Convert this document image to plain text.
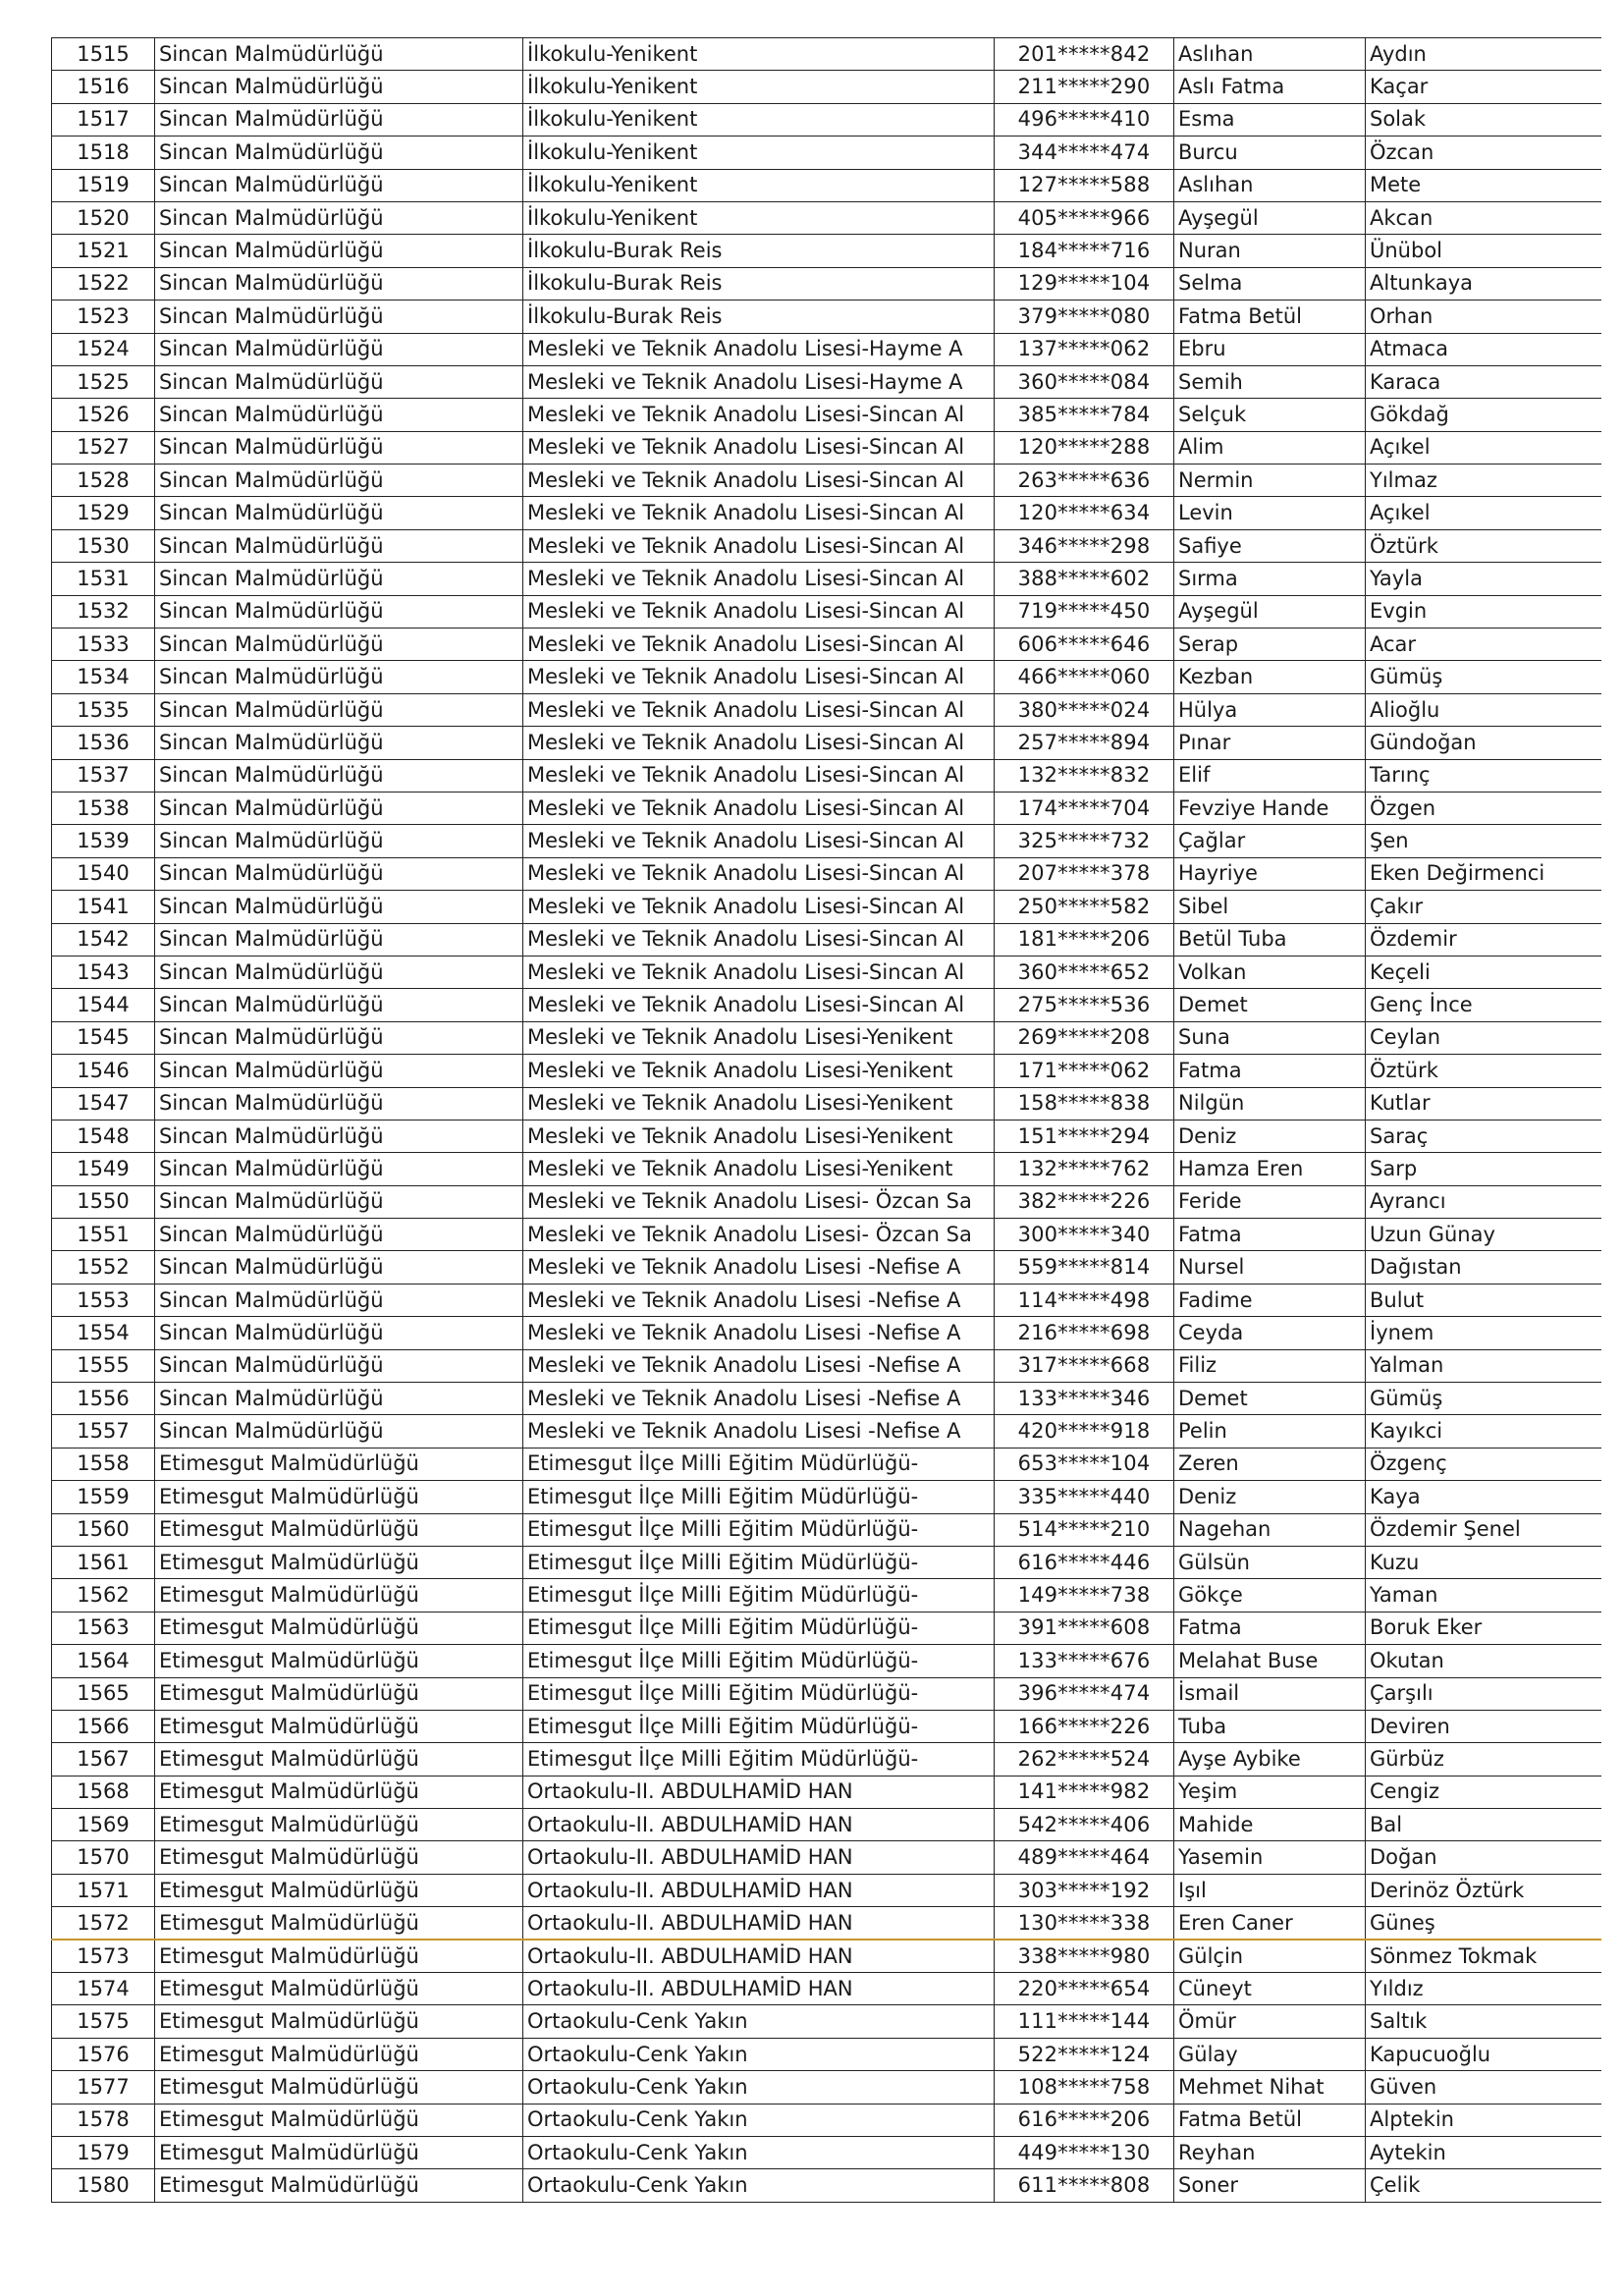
1515	Sincan Malmüdürlüğü	İlkokulu-Yenikent	201*****842	Aslıhan	Aydın
1516	Sincan Malmüdürlüğü	İlkokulu-Yenikent	211*****290	Aslı Fatma	Kaçar
1517	Sincan Malmüdürlüğü	İlkokulu-Yenikent	496*****410	Esma	Solak
1518	Sincan Malmüdürlüğü	İlkokulu-Yenikent	344*****474	Burcu	Özcan
1519	Sincan Malmüdürlüğü	İlkokulu-Yenikent	127*****588	Aslıhan	Mete
1520	Sincan Malmüdürlüğü	İlkokulu-Yenikent	405*****966	Ayşegül	Akcan
1521	Sincan Malmüdürlüğü	İlkokulu-Burak Reis	184*****716	Nuran	Ünübol
1522	Sincan Malmüdürlüğü	İlkokulu-Burak Reis	129*****104	Selma	Altunkaya
1523	Sincan Malmüdürlüğü	İlkokulu-Burak Reis	379*****080	Fatma Betül	Orhan
1524	Sincan Malmüdürlüğü	Mesleki ve Teknik Anadolu Lisesi-Hayme A	137*****062	Ebru	Atmaca
1525	Sincan Malmüdürlüğü	Mesleki ve Teknik Anadolu Lisesi-Hayme A	360*****084	Semih	Karaca
1526	Sincan Malmüdürlüğü	Mesleki ve Teknik Anadolu Lisesi-Sincan Al	385*****784	Selçuk	Gökdağ
1527	Sincan Malmüdürlüğü	Mesleki ve Teknik Anadolu Lisesi-Sincan Al	120*****288	Alim	Açıkel
1528	Sincan Malmüdürlüğü	Mesleki ve Teknik Anadolu Lisesi-Sincan Al	263*****636	Nermin	Yılmaz
1529	Sincan Malmüdürlüğü	Mesleki ve Teknik Anadolu Lisesi-Sincan Al	120*****634	Levin	Açıkel
1530	Sincan Malmüdürlüğü	Mesleki ve Teknik Anadolu Lisesi-Sincan Al	346*****298	Safiye	Öztürk
1531	Sincan Malmüdürlüğü	Mesleki ve Teknik Anadolu Lisesi-Sincan Al	388*****602	Sırma	Yayla
1532	Sincan Malmüdürlüğü	Mesleki ve Teknik Anadolu Lisesi-Sincan Al	719*****450	Ayşegül	Evgin
1533	Sincan Malmüdürlüğü	Mesleki ve Teknik Anadolu Lisesi-Sincan Al	606*****646	Serap	Acar
1534	Sincan Malmüdürlüğü	Mesleki ve Teknik Anadolu Lisesi-Sincan Al	466*****060	Kezban	Gümüş
1535	Sincan Malmüdürlüğü	Mesleki ve Teknik Anadolu Lisesi-Sincan Al	380*****024	Hülya	Alioğlu
1536	Sincan Malmüdürlüğü	Mesleki ve Teknik Anadolu Lisesi-Sincan Al	257*****894	Pınar	Gündoğan
1537	Sincan Malmüdürlüğü	Mesleki ve Teknik Anadolu Lisesi-Sincan Al	132*****832	Elif	Tarınç
1538	Sincan Malmüdürlüğü	Mesleki ve Teknik Anadolu Lisesi-Sincan Al	174*****704	Fevziye Hande	Özgen
1539	Sincan Malmüdürlüğü	Mesleki ve Teknik Anadolu Lisesi-Sincan Al	325*****732	Çağlar	Şen
1540	Sincan Malmüdürlüğü	Mesleki ve Teknik Anadolu Lisesi-Sincan Al	207*****378	Hayriye	Eken Değirmenci
1541	Sincan Malmüdürlüğü	Mesleki ve Teknik Anadolu Lisesi-Sincan Al	250*****582	Sibel	Çakır
1542	Sincan Malmüdürlüğü	Mesleki ve Teknik Anadolu Lisesi-Sincan Al	181*****206	Betül Tuba	Özdemir
1543	Sincan Malmüdürlüğü	Mesleki ve Teknik Anadolu Lisesi-Sincan Al	360*****652	Volkan	Keçeli
1544	Sincan Malmüdürlüğü	Mesleki ve Teknik Anadolu Lisesi-Sincan Al	275*****536	Demet	Genç İnce
1545	Sincan Malmüdürlüğü	Mesleki ve Teknik Anadolu Lisesi-Yenikent	269*****208	Suna	Ceylan
1546	Sincan Malmüdürlüğü	Mesleki ve Teknik Anadolu Lisesi-Yenikent	171*****062	Fatma	Öztürk
1547	Sincan Malmüdürlüğü	Mesleki ve Teknik Anadolu Lisesi-Yenikent	158*****838	Nilgün	Kutlar
1548	Sincan Malmüdürlüğü	Mesleki ve Teknik Anadolu Lisesi-Yenikent	151*****294	Deniz	Saraç
1549	Sincan Malmüdürlüğü	Mesleki ve Teknik Anadolu Lisesi-Yenikent	132*****762	Hamza Eren	Sarp
1550	Sincan Malmüdürlüğü	Mesleki ve Teknik Anadolu Lisesi- Özcan Sa	382*****226	Feride	Ayrancı
1551	Sincan Malmüdürlüğü	Mesleki ve Teknik Anadolu Lisesi- Özcan Sa	300*****340	Fatma	Uzun Günay
1552	Sincan Malmüdürlüğü	Mesleki ve Teknik Anadolu Lisesi -Nefise A	559*****814	Nursel	Dağıstan
1553	Sincan Malmüdürlüğü	Mesleki ve Teknik Anadolu Lisesi -Nefise A	114*****498	Fadime	Bulut
1554	Sincan Malmüdürlüğü	Mesleki ve Teknik Anadolu Lisesi -Nefise A	216*****698	Ceyda	İynem
1555	Sincan Malmüdürlüğü	Mesleki ve Teknik Anadolu Lisesi -Nefise A	317*****668	Filiz	Yalman
1556	Sincan Malmüdürlüğü	Mesleki ve Teknik Anadolu Lisesi -Nefise A	133*****346	Demet	Gümüş
1557	Sincan Malmüdürlüğü	Mesleki ve Teknik Anadolu Lisesi -Nefise A	420*****918	Pelin	Kayıkci
1558	Etimesgut Malmüdürlüğü	Etimesgut İlçe Milli Eğitim Müdürlüğü-	653*****104	Zeren	Özgenç
1559	Etimesgut Malmüdürlüğü	Etimesgut İlçe Milli Eğitim Müdürlüğü-	335*****440	Deniz	Kaya
1560	Etimesgut Malmüdürlüğü	Etimesgut İlçe Milli Eğitim Müdürlüğü-	514*****210	Nagehan	Özdemir Şenel
1561	Etimesgut Malmüdürlüğü	Etimesgut İlçe Milli Eğitim Müdürlüğü-	616*****446	Gülsün	Kuzu
1562	Etimesgut Malmüdürlüğü	Etimesgut İlçe Milli Eğitim Müdürlüğü-	149*****738	Gökçe	Yaman
1563	Etimesgut Malmüdürlüğü	Etimesgut İlçe Milli Eğitim Müdürlüğü-	391*****608	Fatma	Boruk Eker
1564	Etimesgut Malmüdürlüğü	Etimesgut İlçe Milli Eğitim Müdürlüğü-	133*****676	Melahat Buse	Okutan
1565	Etimesgut Malmüdürlüğü	Etimesgut İlçe Milli Eğitim Müdürlüğü-	396*****474	İsmail	Çarşılı
1566	Etimesgut Malmüdürlüğü	Etimesgut İlçe Milli Eğitim Müdürlüğü-	166*****226	Tuba	Deviren
1567	Etimesgut Malmüdürlüğü	Etimesgut İlçe Milli Eğitim Müdürlüğü-	262*****524	Ayşe Aybike	Gürbüz
1568	Etimesgut Malmüdürlüğü	Ortaokulu-II. ABDULHAMİD HAN	141*****982	Yeşim	Cengiz
1569	Etimesgut Malmüdürlüğü	Ortaokulu-II. ABDULHAMİD HAN	542*****406	Mahide	Bal
1570	Etimesgut Malmüdürlüğü	Ortaokulu-II. ABDULHAMİD HAN	489*****464	Yasemin	Doğan
1571	Etimesgut Malmüdürlüğü	Ortaokulu-II. ABDULHAMİD HAN	303*****192	Işıl	Derinöz Öztürk
1572	Etimesgut Malmüdürlüğü	Ortaokulu-II. ABDULHAMİD HAN	130*****338	Eren Caner	Güneş
1573	Etimesgut Malmüdürlüğü	Ortaokulu-II. ABDULHAMİD HAN	338*****980	Gülçin	Sönmez Tokmak
1574	Etimesgut Malmüdürlüğü	Ortaokulu-II. ABDULHAMİD HAN	220*****654	Cüneyt	Yıldız
1575	Etimesgut Malmüdürlüğü	Ortaokulu-Cenk Yakın	111*****144	Ömür	Saltık
1576	Etimesgut Malmüdürlüğü	Ortaokulu-Cenk Yakın	522*****124	Gülay	Kapucuoğlu
1577	Etimesgut Malmüdürlüğü	Ortaokulu-Cenk Yakın	108*****758	Mehmet Nihat	Güven
1578	Etimesgut Malmüdürlüğü	Ortaokulu-Cenk Yakın	616*****206	Fatma Betül	Alptekin
1579	Etimesgut Malmüdürlüğü	Ortaokulu-Cenk Yakın	449*****130	Reyhan	Aytekin
1580	Etimesgut Malmüdürlüğü	Ortaokulu-Cenk Yakın	611*****808	Soner	Çelik
